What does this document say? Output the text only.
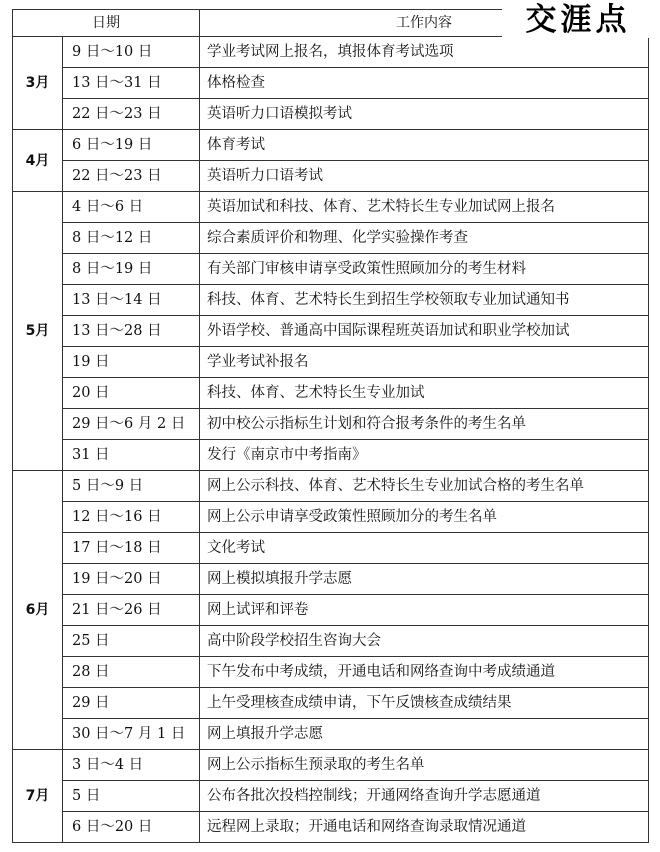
日期		工作内容
3月	9 日～10 日	学业考试网上报名，填报体育考试选项
	13 日～31 日	体格检查
	22 日～23 日	英语听力口语模拟考试
4月	6 日～19 日	体育考试
	22 日～23 日	英语听力口语考试
5月	4 日～6 日	英语加试和科技、体育、艺术特长生专业加试网上报名
	8 日～12 日	综合素质评价和物理、化学实验操作考查
	8 日～19 日	有关部门审核申请享受政策性照顾加分的考生材料
	13 日～14 日	科技、体育、艺术特长生到招生学校领取专业加试通知书
	13 日～28 日	外语学校、普通高中国际课程班英语加试和职业学校加试
	19 日	学业考试补报名
	20 日	科技、体育、艺术特长生专业加试
	29 日～6 月 2 日	初中校公示指标生计划和符合报考条件的考生名单
	31 日	发行《南京市中考指南》
6月	5 日～9 日	网上公示科技、体育、艺术特长生专业加试合格的考生名单
	12 日～16 日	网上公示申请享受政策性照顾加分的考生名单
	17 日～18 日	文化考试
	19 日～20 日	网上模拟填报升学志愿
	21 日～26 日	网上试评和评卷
	25 日	高中阶段学校招生咨询大会
	28 日	下午发布中考成绩，开通电话和网络查询中考成绩通道
	29 日	上午受理核查成绩申请，下午反馈核查成绩结果
	30 日～7 月 1 日	网上填报升学志愿
7月	3 日～4 日	网上公示指标生预录取的考生名单
	5 日	公布各批次投档控制线；开通网络查询升学志愿通道
	6 日～20 日	远程网上录取；开通电话和网络查询录取情况通道
交涯点
